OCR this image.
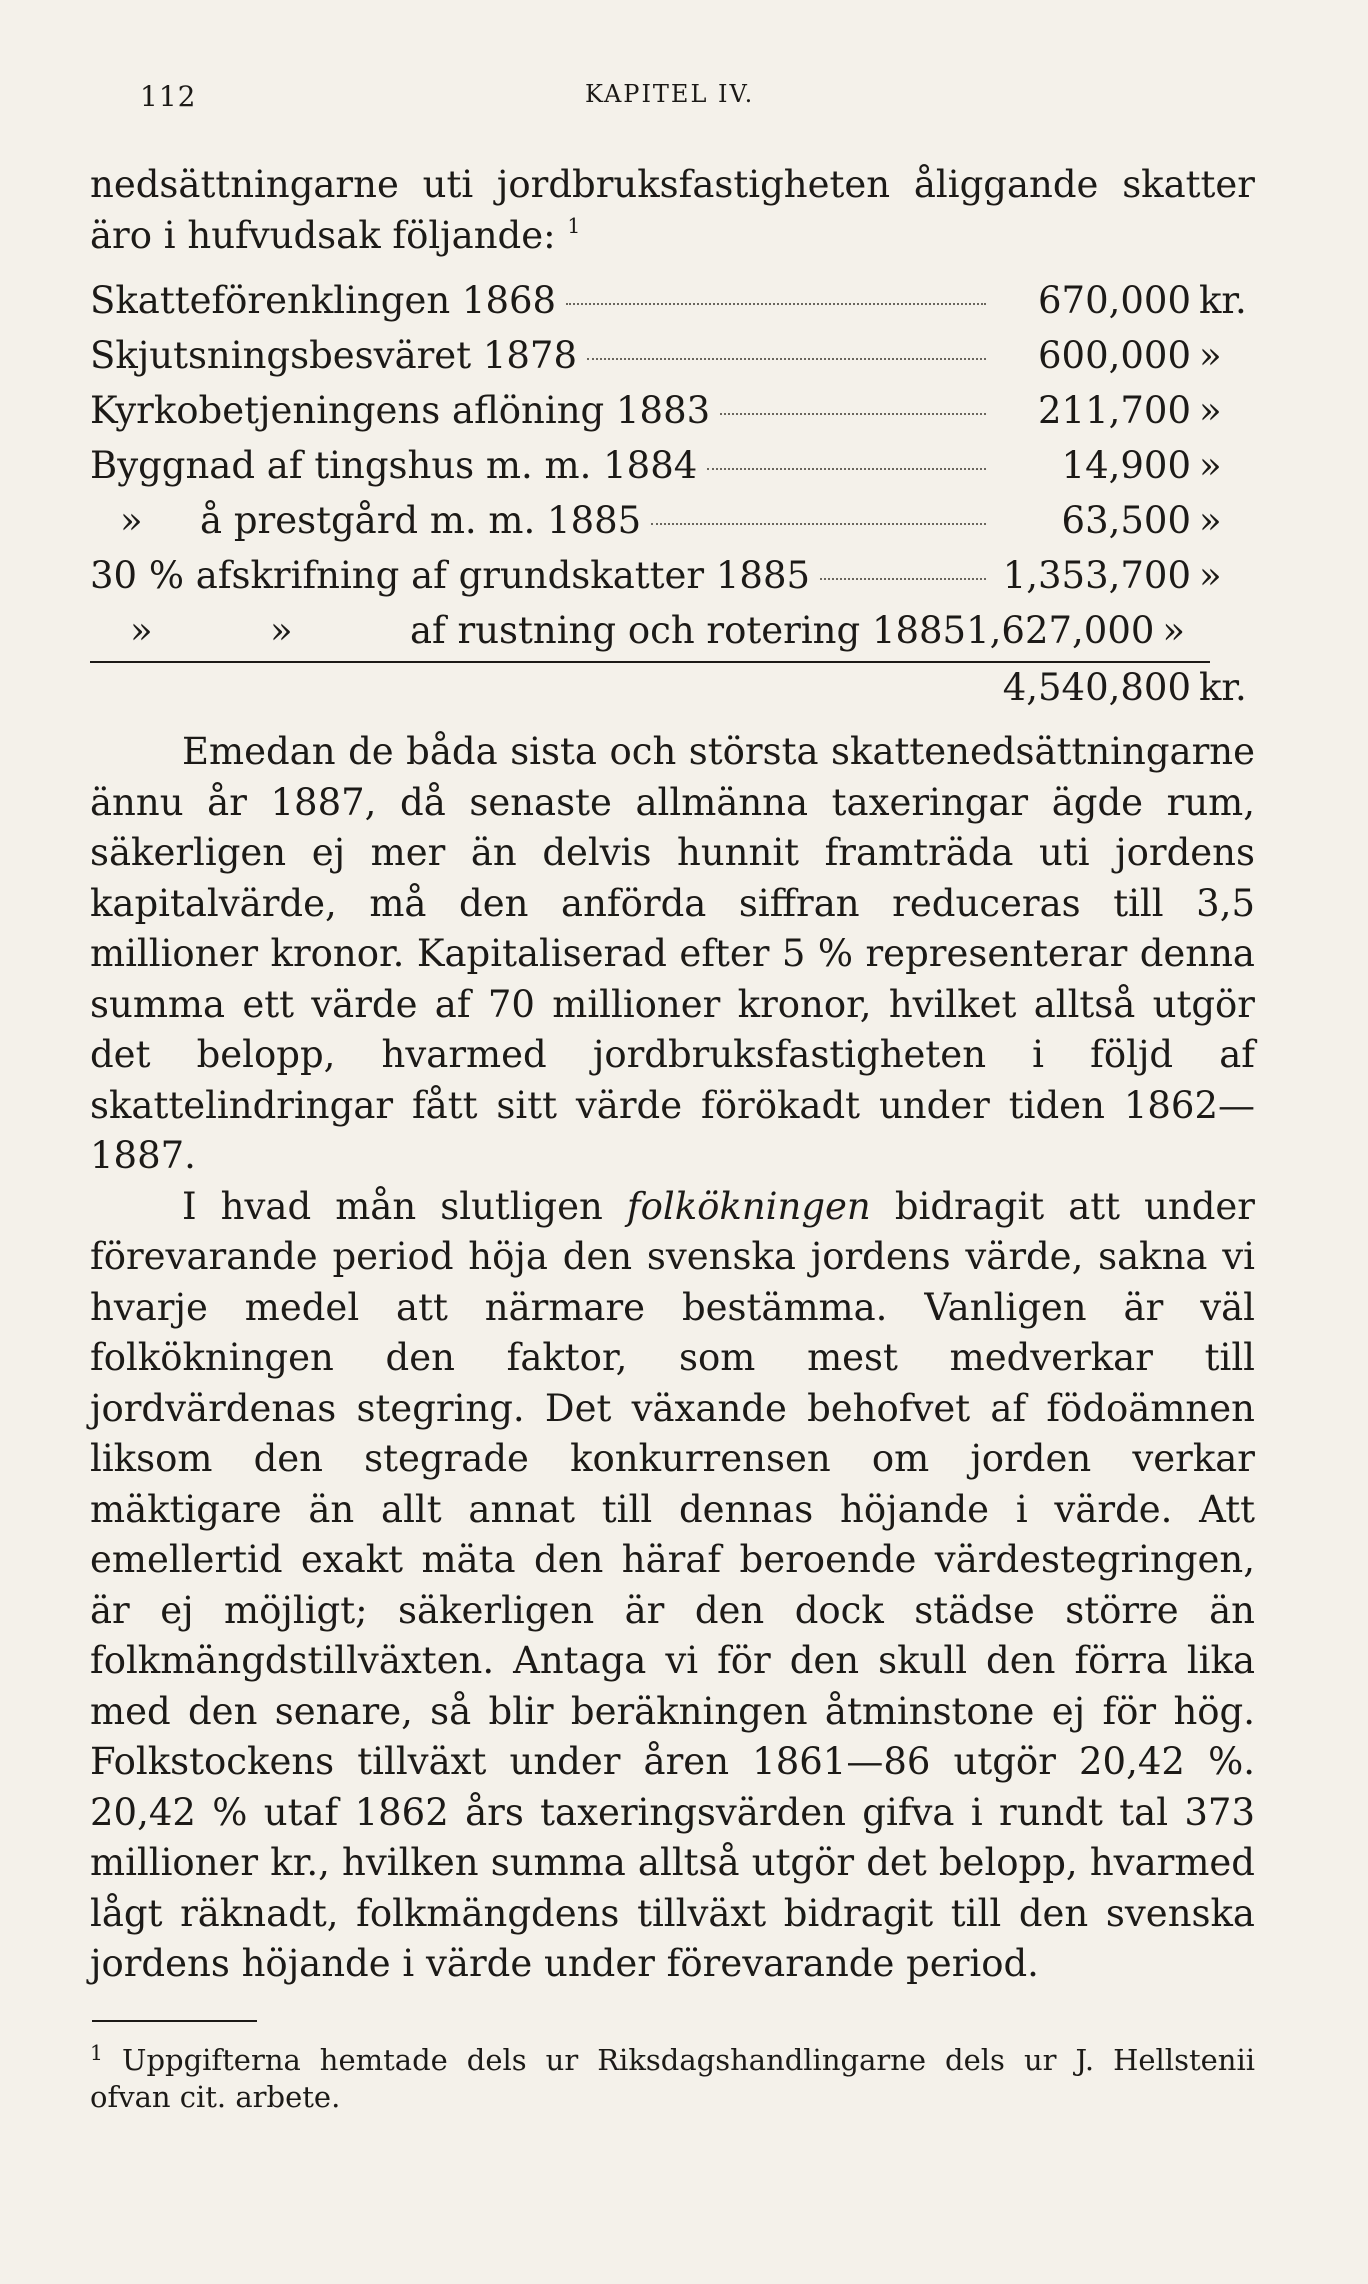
112	KAPITEL IV.

nedsättningarne uti jordbruksfastigheten åliggande skatter äro i hufvudsak följande: $^1$

Skatteförenklingen 1868	670,000 kr.
Skjutsningsbesväret 1878	600,000 »
Kyrkobetjeningens aflöning 1883	211,700 »
Byggnad af tingshus m. m. 1884	14,900 »
» å prestgård m. m. 1885	63,500 »
30 % afskrifning af grundskatter 1885	1,353,700 »
»	»	af rustning och rotering 1885 1,627,000 »
4,540,800 kr.

Emedan de båda sista och största skattenedsättningarne ännu år 1887, då senaste allmänna taxeringar ägde rum, säkerligen ej mer än delvis hunnit framträda uti jordens kapitalvärde, må den anförda siffran reduceras till 3,5 millioner kronor. Kapitaliserad efter 5 % representerar denna summa ett värde af 70 millioner kronor, hvilket alltså utgör det belopp, hvarmed jordbruksfastigheten i följd af skattelindringar fått sitt värde förökadt under tiden 1862—1887.

I hvad mån slutligen folkökningen bidragit att under förevarande period höja den svenska jordens värde, sakna vi hvarje medel att närmare bestämma. Vanligen är väl folkökningen den faktor, som mest medverkar till jordvärdenas stegring. Det växande behofvet af födoämnen liksom den stegrade konkurrensen om jorden verkar mäktigare än allt annat till dennas höjande i värde. Att emellertid exakt mäta den häraf beroende värdestegringen, är ej möjligt; säkerligen är den dock städse större än folkmängdstillväxten. Antaga vi för den skull den förra lika med den senare, så blir beräkningen åtminstone ej för hög. Folkstockens tillväxt under åren 1861—86 utgör 20,42 %. 20,42 % utaf 1862 års taxeringsvärden gifva i rundt tal 373 millioner kr., hvilken summa alltså utgör det belopp, hvarmed lågt räknadt, folkmängdens tillväxt bidragit till den svenska jordens höjande i värde under förevarande period.

1 Uppgifterna hemtade dels ur Riksdagshandlingarne dels ur J. Hellstenii ofvan cit. arbete.
